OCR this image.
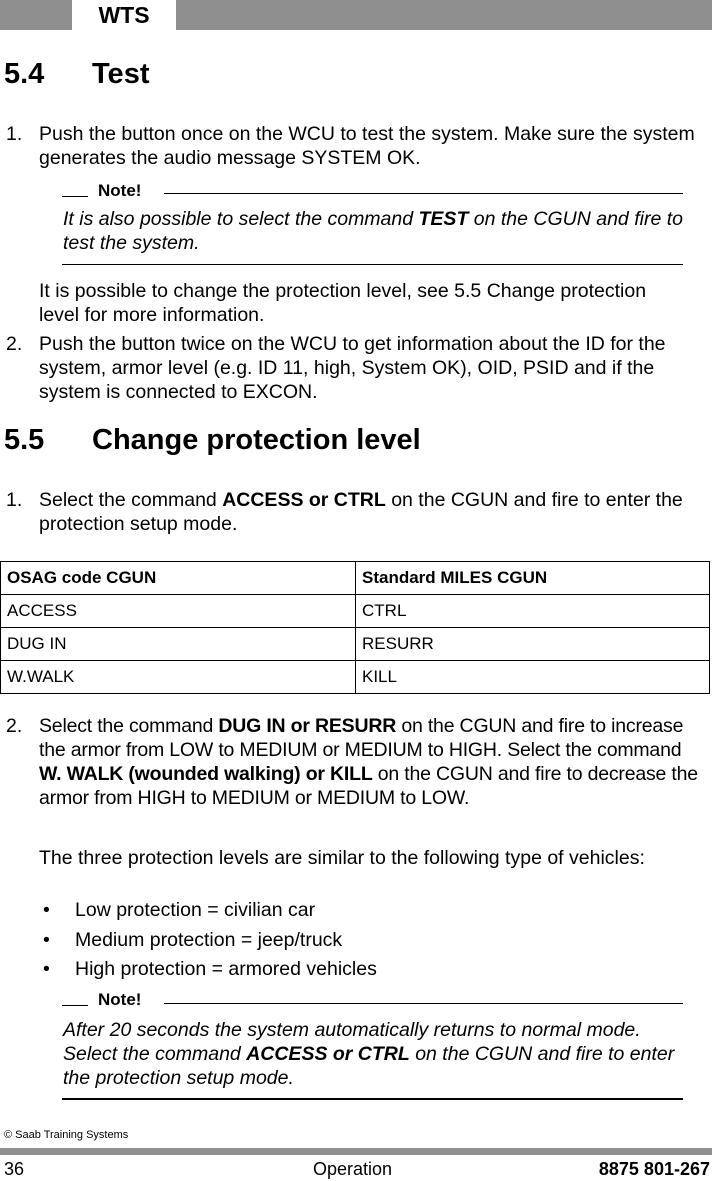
WTS
5.4 Test
1. Push the button once on the WCU to test the system. Make sure the system generates the audio message SYSTEM OK.
Note!
It is also possible to select the command TEST on the CGUN and fire to test the system.
It is possible to change the protection level, see 5.5 Change protection level for more information.
2. Push the button twice on the WCU to get information about the ID for the system, armor level (e.g. ID 11, high, System OK), OID, PSID and if the system is connected to EXCON.
5.5 Change protection level
1. Select the command ACCESS or CTRL on the CGUN and fire to enter the protection setup mode.
OSAG code CGUN	Standard MILES CGUN
ACCESS	CTRL
DUG IN	RESURR
W.WALK	KILL
2. Select the command DUG IN or RESURR on the CGUN and fire to increase the armor from LOW to MEDIUM or MEDIUM to HIGH. Select the command W. WALK (wounded walking) or KILL on the CGUN and fire to decrease the armor from HIGH to MEDIUM or MEDIUM to LOW.
The three protection levels are similar to the following type of vehicles:
• Low protection = civilian car
• Medium protection = jeep/truck
• High protection = armored vehicles
Note!
After 20 seconds the system automatically returns to normal mode. Select the command ACCESS or CTRL on the CGUN and fire to enter the protection setup mode.
© Saab Training Systems
36	Operation	8875 801-267
